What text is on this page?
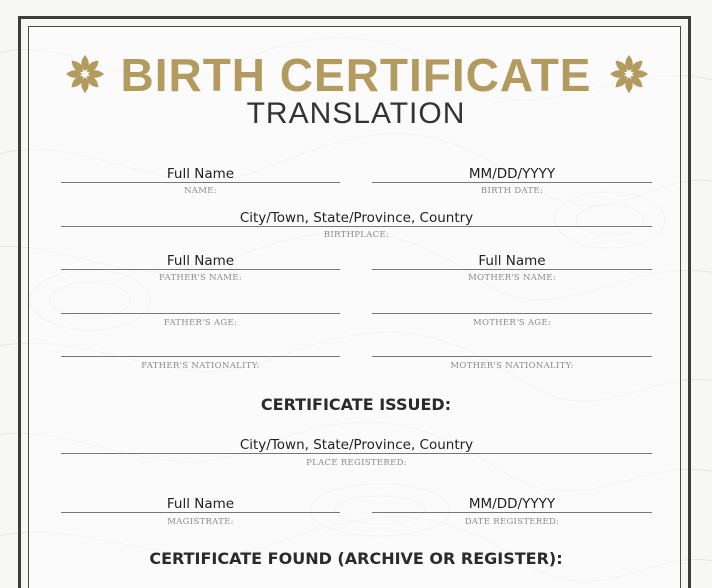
BIRTH CERTIFICATE
TRANSLATION
Full Name
NAME:
MM/DD/YYYY
BIRTH DATE:
City/Town, State/Province, Country
BIRTHPLACE:
Full Name
FATHER'S NAME:
Full Name
MOTHER'S NAME:
FATHER'S AGE:	MOTHER'S AGE:
FATHER'S NATIONALITY:	MOTHER'S NATIONALITY:
CERTIFICATE ISSUED:
City/Town, State/Province, Country
PLACE REGISTERED:
Full Name
MAGISTRATE:
MM/DD/YYYY
DATE REGISTERED:
CERTIFICATE FOUND (ARCHIVE OR REGISTER):
